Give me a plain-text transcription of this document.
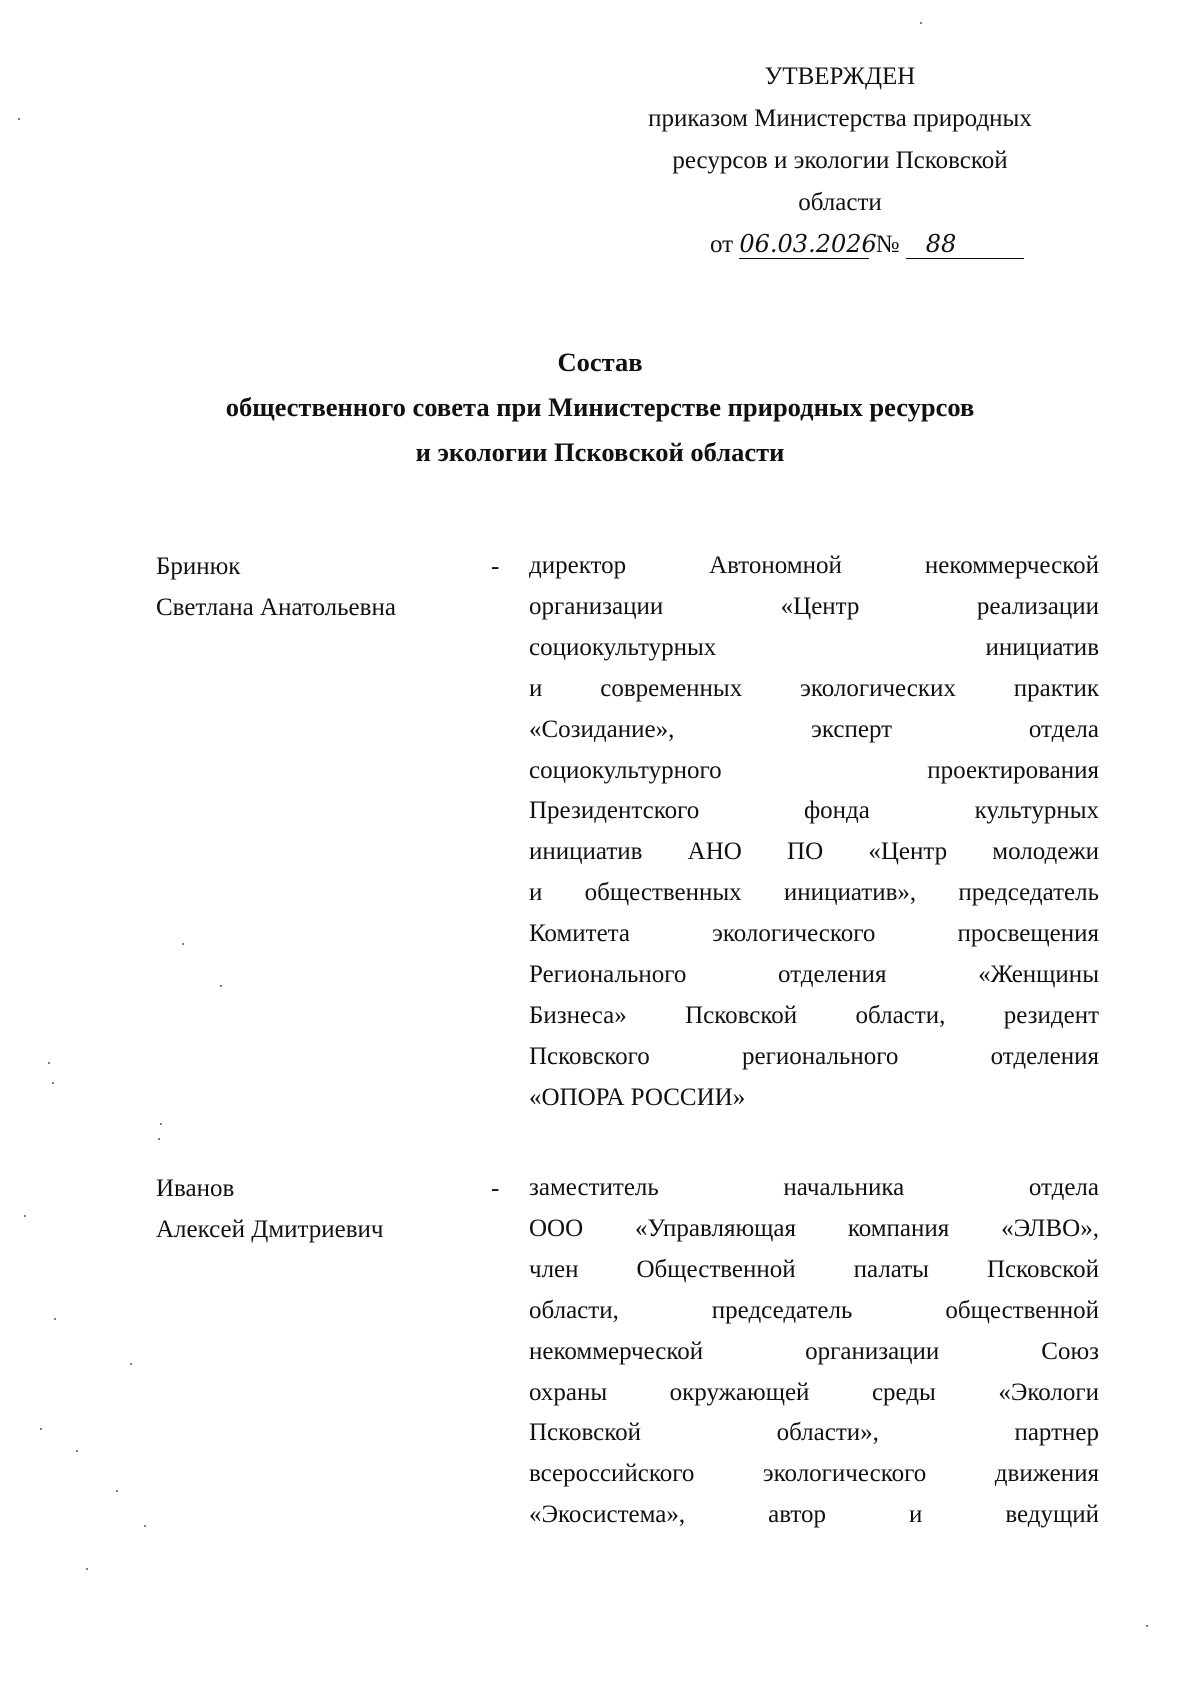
УТВЕРЖДЕН
приказом Министерства природных
ресурсов и экологии Псковской
области
от 06.03.2026 № 88
Состав
общественного совета при Министерстве природных ресурсов
и экологии Псковской области
Бринюк
Светлана Анатольевна
- директор Автономной некоммерческой
организации «Центр реализации
социокультурных инициатив
и современных экологических практик
«Созидание», эксперт отдела
социокультурного проектирования
Президентского фонда культурных
инициатив АНО ПО «Центр молодежи
и общественных инициатив», председатель
Комитета экологического просвещения
Регионального отделения «Женщины
Бизнеса» Псковской области, резидент
Псковского регионального отделения
«ОПОРА РОССИИ»
Иванов
Алексей Дмитриевич
- заместитель начальника отдела
ООО «Управляющая компания «ЭЛВО»,
член Общественной палаты Псковской
области, председатель общественной
некоммерческой организации Союз
охраны окружающей среды «Экологи
Псковской области», партнер
всероссийского экологического движения
«Экосистема», автор и ведущий
